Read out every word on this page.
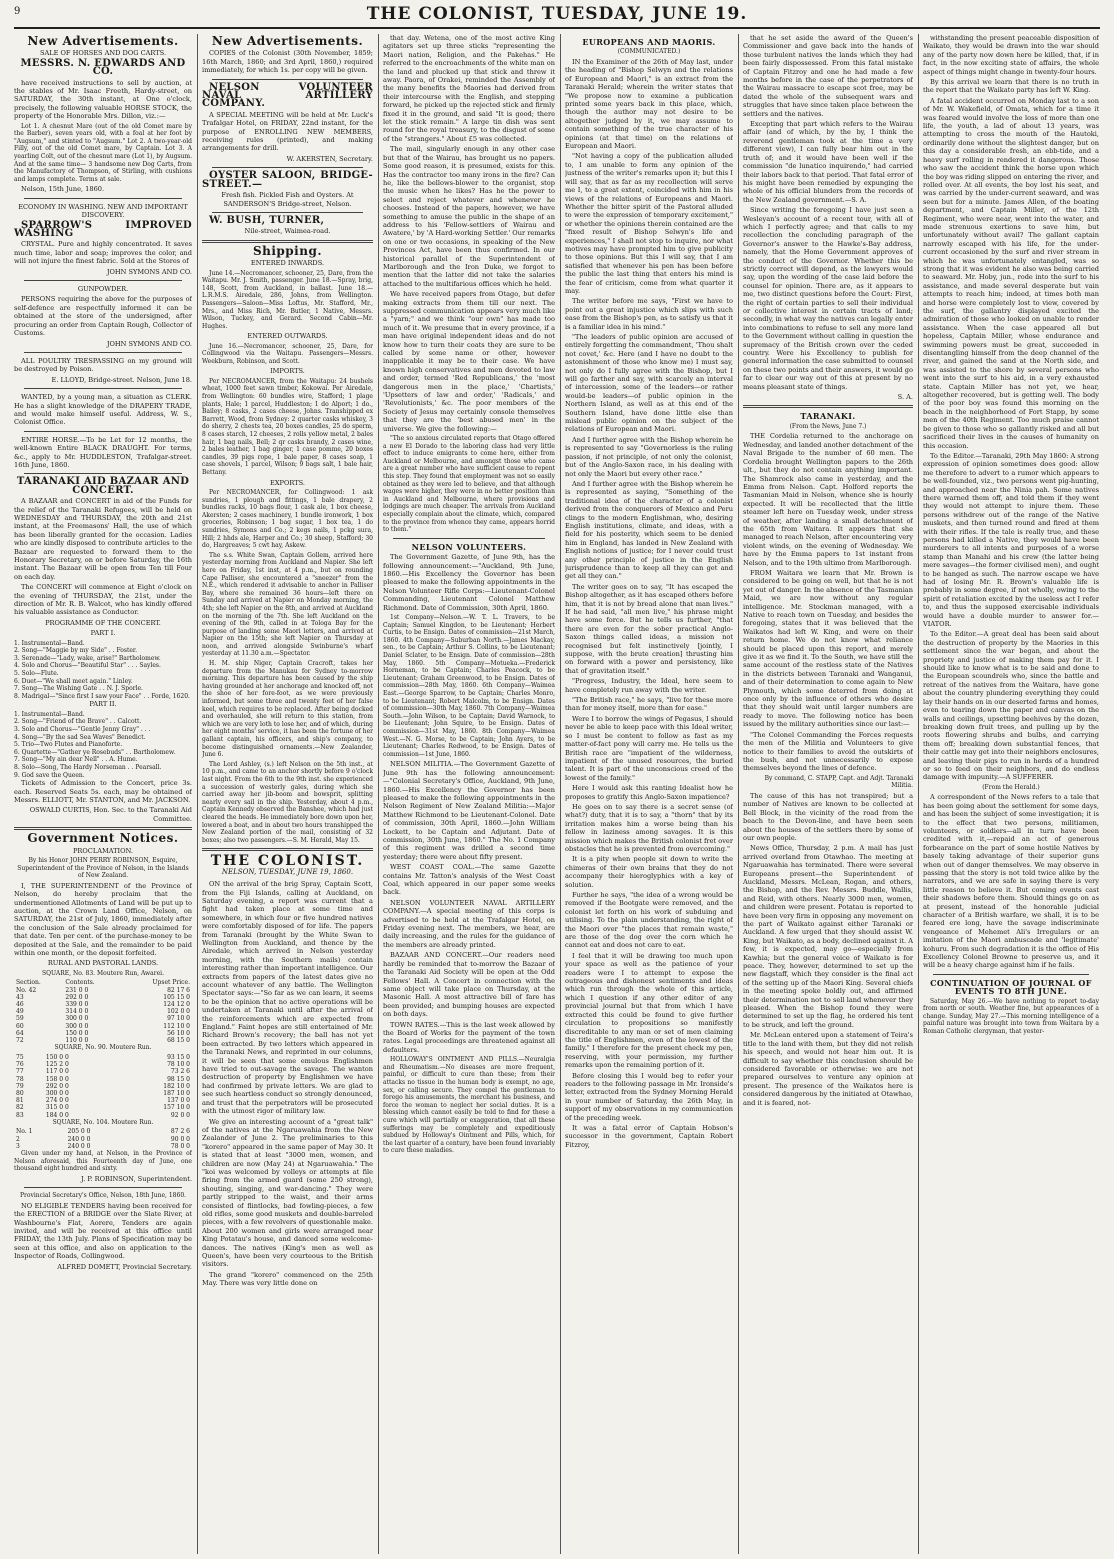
9	THE COLONIST, TUESDAY, JUNE 19.
New Advertisements.

SALE OF HORSES AND DOG CARTS.

MESSRS. N. EDWARDS AND CO.

have received instructions to sell by auction, at the stables of Mr. Isaac Freeth, Hardy-street, on SATURDAY, the 30th instant, at One o'clock, precisely, the following valuable HORSE STOCK, the property of the Honorable Mrs. Dillon, viz.:—

Lot 1. A chesnut Mare (out of the old Comet mare by the Barber), seven years old, with a foal at her foot by "Augsum," and stinted to "Augsum." Lot 2. A two-year-old Filly, out of the old Comet mare, by Captain. Lot 3. A yearling Colt, out of the chesnut mare (Lot 1), by Augsum. And at the same time— 3 handsome new Dog Carts, from the Manufactory of Thompson, of Stirling, with cushions and lamps complete. Terms at sale.

Nelson, 15th June, 1860.

ECONOMY IN WASHING. NEW AND IMPORTANT DISCOVERY.

SPARROW'S IMPROVED WASHING

CRYSTAL. Pure and highly concentrated. It saves much time, labor and soap; improves the color, and will not injure the finest fabric. Sold at the Stores of

JOHN SYMONS AND CO.

GUNPOWDER.

PERSONS requiring the above for the purposes of self-defence are respectfully informed it can be obtained at the store of the undersigned, after procuring an order from Captain Rough, Collector of Customs.

JOHN SYMONS AND CO.

ALL POULTRY TRESPASSING on my ground will be destroyed by Poison.

E. LLOYD, Bridge-street. Nelson, June 18.

WANTED, by a young man, a situation as CLERK. He has a slight knowledge of the DRAPERY TRADE, and would make himself useful. Address, W. S., Colonist Office.

ENTIRE HORSE.—To be Let for 12 months, the well-known Entire BLACK DRAUGHT. For terms, &c., apply to Mr. HUDDLESTON, Trafalgar-street. 16th June, 1860.

TARANAKI AID BAZAAR AND CONCERT.

A BAZAAR and CONCERT in aid of the Funds for the relief of the Taranaki Refugees, will be held on WEDNESDAY and THURSDAY, the 20th and 21st instant, at the Freemasons' Hall, the use of which has been liberally granted for the occasion. Ladies who are kindly disposed to contribute articles to the Bazaar are requested to forward them to the Honorary Secretary, on or before Saturday, the 16th instant. The Bazaar will be open from Ten till Four on each day.

The CONCERT will commence at Eight o'clock on the evening of THURSDAY, the 21st, under the direction of Mr. R. B. Walcot, who has kindly offered his valuable assistance as Conductor.

PROGRAMME OF THE CONCERT.

PART I.

1. Instrumental—Band.
2. Song—"Maggie by my Side" . . Foster.
3. Serenade—"Lady, wake, arise!" Bartholomew.
4. Solo and Chorus—"Beautiful Star" . . . Sayles.
5. Solo—Flute.
6. Duet—"We shall meet again." Linley.
7. Song—The Wishing Gate . . N. J. Sporle.
8. Madrigal—"Since first I saw your Face" . . Forde, 1620.

PART II.

1. Instrumental—Band.
2. Song—"Friend of the Brave" . . Calcott.
3. Solo and Chorus—"Gentle Jenny Gray" . . .
4. Song—"By the sad Sea Waves" Benedict.
5. Trio—Two Flutes and Pianoforte.
6. Quartette—"Gather ye Rosebuds" . . Bartholomew.
7. Song—"My ain dear Nell" . . A. Hume.
8. Solo—Song, The Hardy Norseman . . Pearsall.
9. God save the Queen.

Tickets of Admission to the Concert, price 3s. each. Reserved Seats 5s. each, may be obtained of Messrs. ELLIOTT, Mr. STANTON, and Mr. JACKSON.

OSWALD CURTIS, Hon. Sec. to the Taranaki Aid Committee.

Government Notices.

PROCLAMATION.

By his Honor JOHN PERRY ROBINSON, Esquire, Superintendent of the Province of Nelson, in the Islands of New Zealand.

I, THE SUPERINTENDENT of the Province of Nelson, do hereby proclaim that the undermentioned Allotments of Land will be put up to auction, at the Crown Land Office, Nelson, on SATURDAY, the 21st of July, 1860, immediately after the conclusion of the Sale already proclaimed for that date. Ten per cent. of the purchase-money to be deposited at the Sale, and the remainder to be paid within one month, or the deposit forfeited.

RURAL AND PASTORAL LANDS.

SQUARE, No. 83. Moutere Run, Awarei.

Section.	Contents.	Upset Price.
No. 42	231 0 0	82 17 6
43	292 0 0	105 15 0
46	339 0 0	124 12 0
49	314 0 0	102 0 0
59	300 0 0	97 10 0
60	300 0 0	112 10 0
64	150 0 0	56 10 0
72	110 0 0	68 15 0

SQUARE, No. 90. Moutere Run.

75	150 0 0	93 15 0
76	125 2 0	78 10 0
77	117 0 0	73 2 6
78	158 0 0	98 15 0
79	292 0 0	182 10 0
80	300 0 0	187 10 0
81	274 0 0	137 0 0
82	315 0 0	157 10 0
83	184 0 0	92 0 0

SQUARE, No. 104. Moutere Run.

No. 1	205 0 0	87 2 6
2	240 0 0	90 0 0
3	240 0 0	78 0 0

Given under my hand, at Nelson, in the Province of Nelson aforesaid, this Fourteenth day of June, one thousand eight hundred and sixty.

J. P. ROBINSON, Superintendent.

Provincial Secretary's Office, Nelson, 18th June, 1860.

NO ELIGIBLE TENDERS having been received for the ERECTION of a BRIDGE over the Slate River, at Washbourne's Flat, Aorere, Tenders are again invited, and will be received at this office until FRIDAY, the 13th July. Plans of Specification may be seen at this office, and also on application to the Inspector of Roads, Collingwood.

ALFRED DOMETT, Provincial Secretary.

New Advertisements.

COPIES of the Colonist (30th November, 1859; 16th March, 1860; and 3rd April, 1860,) required immediately, for which 1s. per copy will be given.

NELSON VOLUNTEER NAVAL ARTILLERY COMPANY.

A SPECIAL MEETING will be held at Mr. Luck's Trafalgar Hotel, on FRIDAY, 22nd instant, for the purpose of ENROLLING NEW MEMBERS, receiving rules (printed), and making arrangements for drill.

W. AKERSTEN, Secretary.

OYSTER SALOON, BRIDGE-STREET.—

Fresh fish. Pickled Fish and Oysters. At SANDERSON'S Bridge-street, Nelson.

W. BUSH, TURNER,

Nile-street, Waimea-road.

Shipping.

ENTERED INWARDS.

June 14.—Necromancer, schooner, 25, Dare, from the Waitapu. Mr. J. Smith, passenger. June 18.—Spray, brig, 148, Scott, from Auckland, in ballast. June 18.—L.R.M.S. Airedale, 286, Johns, from Wellington. Passengers—Saloon—Miss Loftus, Mr. Stafford, Mr., Mrs., and Miss Rich, Mr. Butler, 1 Native, Messrs. Wilson, Tuckey, and Gerard. Second Cabin—Mr. Hughes.

ENTERED OUTWARDS.

June 16.—Necromancer, schooner, 25, Dare, for Collingwood via the Waitapu. Passengers—Messrs. Weekburn, Robinson, and Scott.

IMPORTS.

Per NECROMANCER, from the Waitapu: 24 bushels wheat, 1000 feet sawn timber, Kokowai. Per Airedale, from Wellington: 60 bundles wire, Stafford; 1 plage plants, Hale; 1 parcel, Huddleston; 1 do Alport; 1 do., Bailey; 8 casks, 2 cases cheese, Johns. Transhipped ex Barrett, Wood, from Sydney: 2 quarter casks whiskey, 3 do sherry, 2 chests tea, 20 boxes candles, 25 do sperm, 8 cases starch, 12 cheeses, 2 rolls yellow metal, 2 bales hair, 1 bag nails, Bell; 2 qr casks brandy, 2 cases wine, 2 bales leather, 1 bag ginger, 1 case pomme, 20 boxes candles, 39 pigs rope, 1 bale paper, 8 cases soap, 1 case shovels, 1 parcel, Wilson; 9 bags salt, 1 bale hair, Bettany.

EXPORTS.

Per NECROMANCER, for Collingwood: 1 ask sundries, 1 plough and fittings, 1 bale drapery, 2 bundles racks, 10 bags flour, 1 cask ale, 1 box cheese, Akersten; 2 cases machinery, 1 bundle ironwork, 1 box groceries, Robinson; 1 bag sugar, 1 box tea, 1 do sundries, Symons and Co.; 2 kegs nails, 1 pckg sura, Hill; 2 hhds ale, Harper and Co.; 30 sheep, Stafford; 30 do, Hargreaves; 5 cwt hay, Askew.

The s.s. White Swan, Captain Gollem, arrived here yesterday morning from Auckland and Napier. She left here on Friday, 1st inst, at 4 p.m., but on rounding Cape Palliser, she encountered a "sneezer" from the N.E., which rendered it advisable to anchor in Palliser Bay, where she remained 36 hours—left there on Sunday and arrived at Napier on Monday morning, the 4th; she left Napier on the 8th, and arrived at Auckland on the morning of the 7th. She left Auckland on the evening of the 9th, called in at Tologa Bay for the purpose of landing some Maori letters, and arrived at Napier on the 15th; she left Napier on Thursday at noon, and arrived alongside Swinburne's wharf yesterday at 11.30 a.m.—Spectator.

H. M. ship Niger, Captain Cracroft, takes her departure from the Manukau for Sydney to-morrow morning. This departure has been caused by the ship having grounded at her anchorage and knocked off, not the shoe of her fore-foot, as we were previously informed, but some three and twenty feet of her false keel, which requires to be replaced. After being docked and overhauled, she will return to this station, from which we are very loth to lose her, and of which, during her eight months' service, it has been the fortune of her gallant captain, his officers, and ship's company, to become distinguished ornaments.—New Zealander, June 6.

The Lord Ashley, (s.) left Nelson on the 5th inst., at 10 p.m., and came to an anchor shortly before 9 o'clock last night. From the 6th to the 9th inst. she experienced a succession of westerly gales, during which she carried away her jib-boom and bowsprit, splitting nearly every sail in the ship. Yesterday, about 4 p.m., Captain Kennedy observed the Banshee, which had just cleared the heads. He immediately bore down upon her, lowered a boat, and in about two hours transhipped the New Zealand portion of the mail, consisting of 32 boxes; also two passengers.—S. M. Herald, May 15.

THE COLONIST.
NELSON, TUESDAY, JUNE 19, 1860.

ON the arrival of the brig Spray, Captain Scott, from the Fiji Islands, calling at Auckland, on Saturday evening, a report was current that a fight had taken place at some time and somewhere, in which four or five hundred natives were comfortably disposed of for life. The papers from Taranaki (brought by the White Swan to Wellington from Auckland, and thence by the Airedale, which arrived in Nelson yesterday morning, with the Southern mails) contain interesting rather than important intelligence. Our extracts from papers of the latest dates give no account whatever of any battle. The Wellington Spectator says:—"So far as we can learn, it seems to be the opinion that no active operations will be undertaken at Taranaki until after the arrival of the reinforcements which are expected from England." Faint hopes are still entertained of Mr. Richard Brown's recovery; the ball has not yet been extracted. By two letters which appeared in the Taranaki News, and reprinted in our columns, it will be seen that some emulous Englishmen have tried to out-savage the savage. The wanton destruction of property by Englishmen we have had confirmed by private letters. We are glad to see such heartless conduct so strongly denounced, and trust that the perpetrators will be prosecuted with the utmost rigor of military law.

We give an interesting account of a "great talk" of the natives at the Ngaruawahia from the New Zealander of June 2. The preliminaries to this "korero" appeared in the same paper of May 30. It is stated that at least "3000 men, women, and children are now (May 24) at Ngaruawahia." The "koi was welcomed by volleys or attempts at file firing from the armed guard (some 250 strong), shouting, singing, and war-dancing." They were partly stripped to the waist, and their arms consisted of flintlocks, bad fowling-pieces, a few old rifles, some good muskets and double-barreled pieces, with a few revolvers of questionable make. About 200 women and girls were arranged near King Potatau's house, and danced some welcome-dances. The natives (King's men as well as Queen's, have been very courteous to the British visitors.

The grand "korero" commenced on the 25th May. There was very little done on

that day. Wetena, one of the most active King agitators set up three sticks "representing the Maori nation, Religion, and the Pakehas." He referred to the encroachments of the white man on the land and plucked up that stick and threw it away. Paora, of Orakei, reminded the Assembly of the many benefits the Maories had derived from their intercourse with the English, and stepping forward, he picked up the rejected stick and firmly fixed it in the ground, and said "It is good; there let the stick remain." A large tin dish was sent round for the royal treasury, to the disgust of some of the "strangers." About £5 was collected.

The mail, singularly enough in any other case but that of the Wairau, has brought us no papers. Some good reason, it is presumed, exists for this. Has the contractor too many irons in the fire? Can he, like the bellows-blower to the organist, stop the music when he likes? Has he the power to select and reject whatever and whenever he chooses. Instead of the papers, however, we have something to amuse the public in the shape of an address to his 'Fellow-settlers of Wairau and Awatere,' by 'A Hard-working Settler.' Our remarks on one or two occasions, in speaking of the New Provinces Act, have been thus confirmed. In our historical parallel of the Superintendent of Marlborough and the Iron Duke, we forgot to mention that the latter did not take the salaries attached to the multifarious offices which he held.

We have received papers from Otago, but defer making extracts from them till our next. The suppressed communication appears very much like a "yarn;" and we think "our own" has made too much of it. We presume that in every province, if a man have original independent ideas and do not know how to turn their coats they are sure to be called by some name or other, however inapplicable it may be to their case. We have known high conservatives and men devoted to law and order, termed 'Red Republicans,' the 'most dangerous men in the place,' 'Chartists,' 'Upsetters of law and order,' 'Radicals,' and 'Revolutionists,' &c. The poor members of the Society of Jesus may certainly console themselves that they are the 'best abused men' in the universe. We give the following:—

"The so anxious circulated reports that Otago offered a new El Dorado to the laboring class had very little effect to induce emigrants to come here, either from Auckland or Melbourne, and amongst those who came are a great number who have sufficient cause to repent this step. They found that employment was not so easily obtained as they were led to believe, and that although wages were higher, they were in no better position than in Auckland and Melbourne, where provisions and lodgings are much cheaper. The arrivals from Auckland especially complain about the climate, which, compared to the province from whence they came, appears horrid to them."

NELSON VOLUNTEERS.

The Government Gazette, of June 9th, has the following announcement:—"Auckland, 9th June, 1860.—His Excellency the Governor has been pleased to make the following appointments in the Nelson Volunteer Rifle Corps:—Lieutenant-Colonel Commanding, Lieutenant Colonel Matthew Richmond. Date of Commission, 30th April, 1860.

1st Company—Nelson.—W. T. L. Travers, to be Captain; Samuel Kingdon, to be Lieutenant; Herbert Curtis, to be Ensign. Dates of commission—21st March, 1860. 4th Company—Suburban North.—James Mackay, sen., to be Captain; Arthur S. Collins, to be Lieutenant; Daniel Sclater, to be Ensign. Date of commission—28th May, 1860. 5th Company—Motueka.—Frederick Horneman, to be Captain; Charles Peacock, to be Lieutenant; Graham Greenwood, to be Ensign. Dates of commission—28th May, 1860. 6th Company—Waimea East.—George Sparrow, to be Captain; Charles Monro, to be Lieutenant; Robert Malcolm, to be Ensign. Dates of commission—30th May, 1860. 7th Company—Waimea South.—John Wilson, to be Captain; David Warnock, to be Lieutenant; John Squire, to be Ensign. Dates of commission—31st May, 1860. 8th Company—Waimea West.—N. G. Morse, to be Captain; John Ayers, to be Lieutenant; Charles Redwood, to be Ensign. Dates of commission—1st June, 1860.

NELSON MILITIA.—The Government Gazette of June 9th has the following announcement:—"Colonial Secretary's Office, Auckland, 9th June, 1860.—His Excellency the Governor has been pleased to make the following appointments in the Nelson Regiment of New Zealand Militia:—Major Matthew Richmond to be Lieutenant-Colonel. Date of commission, 30th April, 1860.—John William Lockett, to be Captain and Adjutant. Date of commission, 30th June, 1860." The No. 1 Company of this regiment was drilled a second time yesterday; there were about fifty present.

WEST COAST COAL.—The same Gazette contains Mr. Tatton's analysis of the West Coast Coal, which appeared in our paper some weeks back.

NELSON VOLUNTEER NAVAL ARTILLERY COMPANY.—A special meeting of this corps is advertised to be held at the Trafalgar Hotel, on Friday evening next. The members, we hear, are daily increasing, and the rules for the guidance of the members are already printed.

BAZAAR AND CONCERT.—Our readers need hardly be reminded that to-morrow the Bazaar of the Taranaki Aid Society will be open at the Odd Fellows' Hall. A Concert in connection with the same object will take place on Thursday, at the Masonic Hall. A most attractive bill of fare has been provided; and bumping houses are expected on both days.

TOWN RATES.—This is the last week allowed by the Board of Works for the payment of the town rates. Legal proceedings are threatened against all defaulters.

HOLLOWAY'S OINTMENT AND PILLS.—Neuralgia and Rheumatism.—No diseases are more frequent, painful, or difficult to cure than these; from their attacks no tissue in the human body is exempt, no age, sex, or calling secure. They compel the gentleman to forego his amusements, the merchant his business, and force the woman to neglect her social duties. It is a blessing which cannot easily be told to find for these a cure which will partially or exaggeration, that all these sufferings may be completely and expeditiously subdued by Holloway's Ointment and Pills, which, for the last quarter of a century, have been found invariably to cure these maladies.

EUROPEANS AND MAORIS.

(COMMUNICATED.)

IN the Examiner of the 26th of May last, under the heading of "Bishop Selwyn and the relations of European and Maori," is an extract from the Taranaki Herald; wherein the writer states that "We propose now to examine a publication printed some years back in this place, which, though the author may not desire to be altogether judged by it, we may assume to contain something of the true character of his opinions (at that time) on the relations of European and Maori.

"Not having a copy of the publication alluded to, I am unable to form any opinion of the justness of the writer's remarks upon it; but this I will say, that as far as my recollection will serve me I, to a great extent, coincided with him in his views of the relations of Europeans and Maori. Whether the bitter spirit of the Pastoral alluded to were the expression of temporary excitement," or whether the opinions therein contained are the "fixed result of Bishop Selwyn's life and experiences," I shall not stop to inquire, nor what motives may have prompted him to give publicity to those opinions. But this I will say, that I am satisfied that whenever his pen has been before the public the last thing that enters his mind is the fear of criticism, come from what quarter it may.

The writer before me says, "First we have to point out a great injustice which slips with such ease from the Bishop's pen, as to satisfy us that it is a familiar idea in his mind."

"The leaders of public opinion are accused of entirely forgetting the commandment, 'Thou shalt not covet,' &c. Here (and I have no doubt to the astonishment of those who know me) I must say, not only do I fully agree with the Bishop, but I will go farther and say, with scarcely an interval of intercession, some of the leaders—or rather would-be leaders—of public opinion in the Northern Island, as well as at this end of the Southern Island, have done little else than mislead public opinion on the subject of the relations of European and Maori.

And I further agree with the Bishop wherein he is represented to say "Governorless is the ruling passion, if not principle, of not only the colonist, but of the Anglo-Saxon race, in his dealing with not only the Maori but every other race."

And I further agree with the Bishop wherein he is represented as saying, "Something of the traditional idea of the character of a colonist derived from the conquerors of Mexico and Peru clings to the modern Englishman, who, desiring English institutions, climate, and ideas, with a field for his posterity, which seem to be denied him in England, has landed in New Zealand with English notions of justice; for I never could trust any other principle of justice in the English jurisprudence than to keep all they can get and get all they can."

The writer goes on to say, "It has escaped the Bishop altogether, as it has escaped others before him, that it is not by bread alone that man lives." If he had said, "all men live," his phrase might have some force. But he tells us further, "that there are even for the sober practical Anglo-Saxon things called ideas, a mission not recognised but felt instinctively [jointly, I suppose, with the brute creation] thrusting him on forward with a power and persistency, like that of gravitation itself."

"Progress, Industry, the Ideal, here seem to have completely run away with the writer.

"The British race," he says, "live for these more than for money itself, more than for ease."

Were I to borrow the wings of Pegasus, I should never be able to keep pace with this Ideal writer, so I must be content to follow as fast as my matter-of-fact pony will carry me. He tells us the British race are "impatient of the wilderness, impatient of the unused resources, the buried talent. It is part of the unconscious creed of the lowest of the family."

Here I would ask this ranting Idealist how he proposes to gratify this Anglo-Saxon impatience?

He goes on to say there is a secret sense (of what?) duty, that it is to say, a "thorn" that by its irritation makes him a worse being than his fellow in laziness among savages. It is this mission which makes the British colonist fret over obstacles that he is prevented from overcoming."

It is a pity when people sit down to write the chimeras of their own brains that they do not accompany their hieroglyphics with a key of solution.

Further he says, "the idea of a wrong would be removed if the Bootgate were removed, and the colonist let forth on his work of subduing and utilising. To the plain understanding, the right of the Maori over "the places that remain waste," are those of the dog over the corn which he cannot eat and does not care to eat.

I feel that it will be drawing too much upon your space as well as the patience of your readers were I to attempt to expose the outrageous and dishonest sentiments and ideas which run through the whole of this article, which I question if any other editor of any provincial journal but that from which I have extracted this could be found to give further circulation to propositions so manifestly discreditable to any man or set of men claiming the title of Englishmen, even of the lowest of the family." I therefore for the present check my pen, reserving, with your permission, my further remarks upon the remaining portion of it.

Before closing this I would beg to refer your readers to the following passage in Mr. Ironside's letter, extracted from the Sydney Morning Herald in your number of Saturday, the 26th May, in support of my observations in my communication of the preceding week.

It was a fatal error of Captain Hobson's successor in the government, Captain Robert Fitzroy,

that he set aside the award of the Queen's Commissioner and gave back into the hands of those turbulent natives the lands which they had been fairly dispossessed. From this fatal mistake of Captain Fitzroy and one he had made a few months before in the case of the perpetrators of the Wairau massacre to escape scot free, may be dated the whole of the subsequent wars and struggles that have since taken place between the settlers and the natives.

Excepting that part which refers to the Wairau affair (and of which, by the by, I think the reverend gentleman took at the time a very different view), I can fully bear him out in the truth of; and it would have been well if the commission "de lunatico inquirendo," had carried their labors back to that period. That fatal error of his might have been remedied by expunging the whole of his official blunders from the records of the New Zealand government.—S. A.

Since writing the foregoing I have just seen a Wesleyan's account of a recent tour, with all of which I perfectly agree; and that calls to my recollection the concluding paragraph of the Governor's answer to the Hawke's-Bay address, namely, that the Home Government approves of the conduct of the Governor. Whether this be strictly correct will depend, as the lawyers would say, upon the wording of the case laid before the counsel for opinion. There are, as it appears to me, two distinct questions before the Court: First, the right of certain parties to sell their individual or collective interest in certain tracts of land; secondly, in what way the natives can legally enter into combinations to refuse to sell any more land to the Government without calling in question the supremacy of the British crown over the ceded country. Were his Excellency to publish for general information the case submitted to counsel on these two points and their answers, it would go far to clear our way out of this at present by no means pleasant state of things.

S. A.

TARANAKI.

(From the News, June 7.)

THE Cordelia returned to the anchorage on Wednesday, and landed another detachment of the Naval Brigade to the number of 60 men. The Cordelia brought Wellington papers to the 26th ult., but they do not contain anything important. The Shamrock also came in yesterday, and the Emma from Nelson. Capt. Holford reports the Tasmanian Maid in Nelson, whence she is hourly expected. It will be recollected that the little steamer left here on Tuesday week, under stress of weather, after landing a small detachment of the 65th from Waitara. It appears that she managed to reach Nelson, after encountering very violent winds, on the evening of Wednesday. We have by the Emma papers to 1st instant from Nelson, and to the 19th ultimo from Marlborough.

FROM Waitara we learn that Mr. Brown is considered to be going on well, but that he is not yet out of danger. In the absence of the Tasmanian Maid, we are now without any regular intelligence. Mr. Stockman managed, with a Native to reach town on Tuesday, and besides the foregoing, states that it was believed that the Waikatos had left W. King, and were on their return home. We do not know what reliance should be placed upon this report, and merely give it as we find it. To the South, we have still the same account of the restless state of the Natives in the districts between Taranaki and Wanganui, and of their determination to come again to New Plymouth, which some deterred from doing at once only by the influence of others who desire that they should wait until larger numbers are ready to move. The following notice has been issued by the military authorities since our last:—

"The Colonel Commanding the Forces requests the men of the Militia and Volunteers to give notice to their families to avoid the outskirts of the bush, and not unnecessarily to expose themselves beyond the lines of defence.

By command, C. STAPP, Capt. and Adjt. Taranaki Militia.

The cause of this has not transpired; but a number of Natives are known to be collected at Bell Block, in the vicinity of the road from the beach to the Devon-line, and have been seen about the houses of the settlers there by some of our own people.

News Office, Thursday, 2 p.m. A mail has just arrived overland from Otawhao. The meeting at Ngaruawahia has terminated. There were several Europeans present—the Superintendent of Auckland, Messrs. McLean, Rogan, and others, the Bishop, and the Rev. Messrs. Buddle, Wallis, and Reid, with others. Nearly 3000 men, women, and children were present. Potatau is reported to have been very firm in opposing any movement on the part of Waikato against either Taranaki or Auckland. A few urged that they should assist W. King, but Waikato, as a body, declined against it. A few, it is expected, may go—especially from Kawhia; but the general voice of Waikato is for peace. They, however, determined to set up the new flagstaff, which they consider is the final act of the setting up of the Maori King. Several chiefs in the meeting spoke boldly out, and affirmed their determination not to sell land whenever they pleased. When the Bishop found they were determined to set up the flag, he ordered his tent to be struck, and left the ground.

Mr. McLean entered upon a statement of Teira's title to the land with them, but they did not relish his speech, and would not hear him out. It is difficult to say whether this conclusion should be considered favorable or otherwise: we are not prepared ourselves to venture any opinion at present. The presence of the Waikatos here is considered dangerous by the initiated at Otawhao, and it is feared, not-

withstanding the present peaceable disposition of Waikato, they would be drawn into the war should any of the party now down here be killed, that, if in fact, in the now exciting state of affairs, the whole aspect of things might change in twenty-four hours.

By this arrival we learn that there is no truth in the report that the Waikato party has left W. King.

A fatal accident occurred on Monday last to a son of Mr. W. Wakefield, of Omata, which for a time it was feared would involve the loss of more than one life, the youth, a lad of about 13 years, was attempting to cross the mouth of the Hautoki, ordinarily done without the slightest danger, but on this day a considerable fresh, an ebb-tide, and a heavy surf rolling in rendered it dangerous. Those who saw the accident think the horse upon which the boy was riding slipped on entering the river, and rolled over. At all events, the boy lost his seat, and was carried by the under-current seaward, and was seen but for a minute. James Allen, of the boating department, and Captain Miller, of the 12th Regiment, who were near, went into the water, and made strenuous exertions to save him, but unfortunately without avail? The gallant captain narrowly escaped with his life, for the under-current occasioned by the surf and river stream in which he was unfortunately entangled, was so strong that it was evident he also was being carried to seaward. Mr. Hoby, jun., rode into the surf to his assistance, and made several desperate but vain attempts to reach him; indeed, at times both man and horse were completely lost to view, covered by the surf, the gallantry displayed excited the admiration of those who looked on unable to render assistance. When the case appeared all but hopeless, Captain Miller, whose endurance and swimming powers must be great, succeeded in disentangling himself from the deep channel of the river, and gained the sand at the North side, and was assisted to the shore by several persons who went into the surf to his aid, in a very exhausted state. Captain Miller has not yet, we hear, altogether recovered, but is getting well. The body of the poor boy was found this morning on the beach in the neighborhood of Fort Stapp, by some men of the 40th Regiment. Too much praise cannot be given to those who so gallantly risked and all but sacrificed their lives in the causes of humanity on this occasion.

To the Editor.—Taranaki, 29th May 1860: A strong expression of opinion sometimes does good: allow me therefore to advert to a rumor which appears to be well-founded, viz., two persons went pig-hunting, and approached near the Ninia pah. Some natives there warned them off, and told them if they went they would not attempt to injure them. These persons withdrew out of the range of the Native muskets, and then turned round and fired at them with their rifles. If the tale is really true, and these persons had killed a Native, they would have been murderers to all intents and purposes of a worse stamp than Manahi and his crew (the latter being mere savages—the former civilised men), and ought to be hanged as such. The narrow escape we have had of losing Mr. R. Brown's valuable life is probably in some degree, if not wholly, owing to the spirit of retaliation excited by the useless act I refer to, and thus the supposed exercisable individuals would have a double murder to answer for.—VIATOR.

To the Editor.—A great deal has been said about the destruction of property by the Maories in this settlement since the war began, and about the propriety and justice of making them pay for it. I should like to know what is to be said and done to the European scoundrels who, since the battle and retreat of the natives from the Waitara, have gone about the country plundering everything they could lay their hands on in our deserted farms and homes, even to tearing down the paper and canvas on the walls and ceilings, upsetting beehives by the dozen, breaking down fruit trees, and pulling up by the roots flowering shrubs and bulbs, and carrying them off; breaking down substantial fences, that their cattle may get into their neighbors enclosures, and leaving their pigs to run in herds of a hundred or so to feed on their neighbors, and do endless damage with impunity.—A SUFFERER.

(From the Herald.)

A correspondent of the News refers to a tale that has been going about the settlement for some days, and has been the subject of some investigation; it is to the effect that two persons, militiamen, volunteers, or soldiers—all in turn have been credited with it,—repaid an act of generous forbearance on the part of some hostile Natives by basely taking advantage of their superior guns when out of danger themselves. We may observe in passing that the story is not told twice alike by the narrators, and we are safe in saying there is very little reason to believe it. But coming events cast their shadows before them. Should things go on as at present, instead of the honorable judicial character of a British warfare, we shall, it is to be feared ere long, have the savage indiscriminate vengeance of Mehemet Ali's Irregulars or an imitation of the Maori ambuscade and 'legitimate' kohuru. From such degradation it is the office of His Excellency Colonel Browne to preserve us, and it will be a heavy charge against him if he fails.

CONTINUATION OF JOURNAL OF EVENTS TO 8TH JUNE.

Saturday, May 26.—We have nothing to report to-day from north or south. Weather fine, but appearances of a change. Sunday, May 27.—This morning intelligence of a painful nature was brought into town from Waitara by a Roman Catholic clergyman, that yester-
